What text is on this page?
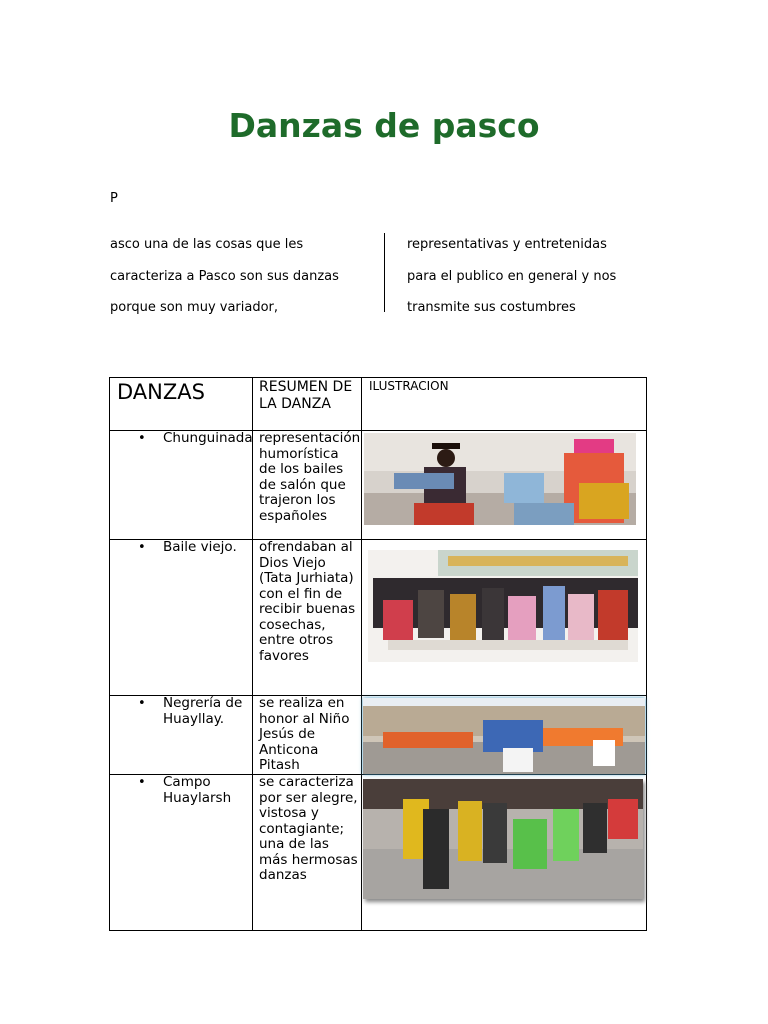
Danzas de pasco
P
asco una de las cosas que les
caracteriza a Pasco son sus danzas
porque son muy variador,
representativas y entretenidas
para el publico en general y nos
transmite sus costumbres
DANZAS	RESUMEN DE LA DANZA	ILUSTRACION

• Chunguinada	representación humorística de los bailes de salón que trajeron los españoles

• Baile viejo.	ofrendaban al Dios Viejo (Tata Jurhiata) con el fin de recibir buenas cosechas, entre otros favores

• Negrería de Huayllay.	se realiza en honor al Niño Jesús de Anticona Pitash

• Campo Huaylarsh	se caracteriza por ser alegre, vistosa y contagiante; una de las más hermosas danzas
